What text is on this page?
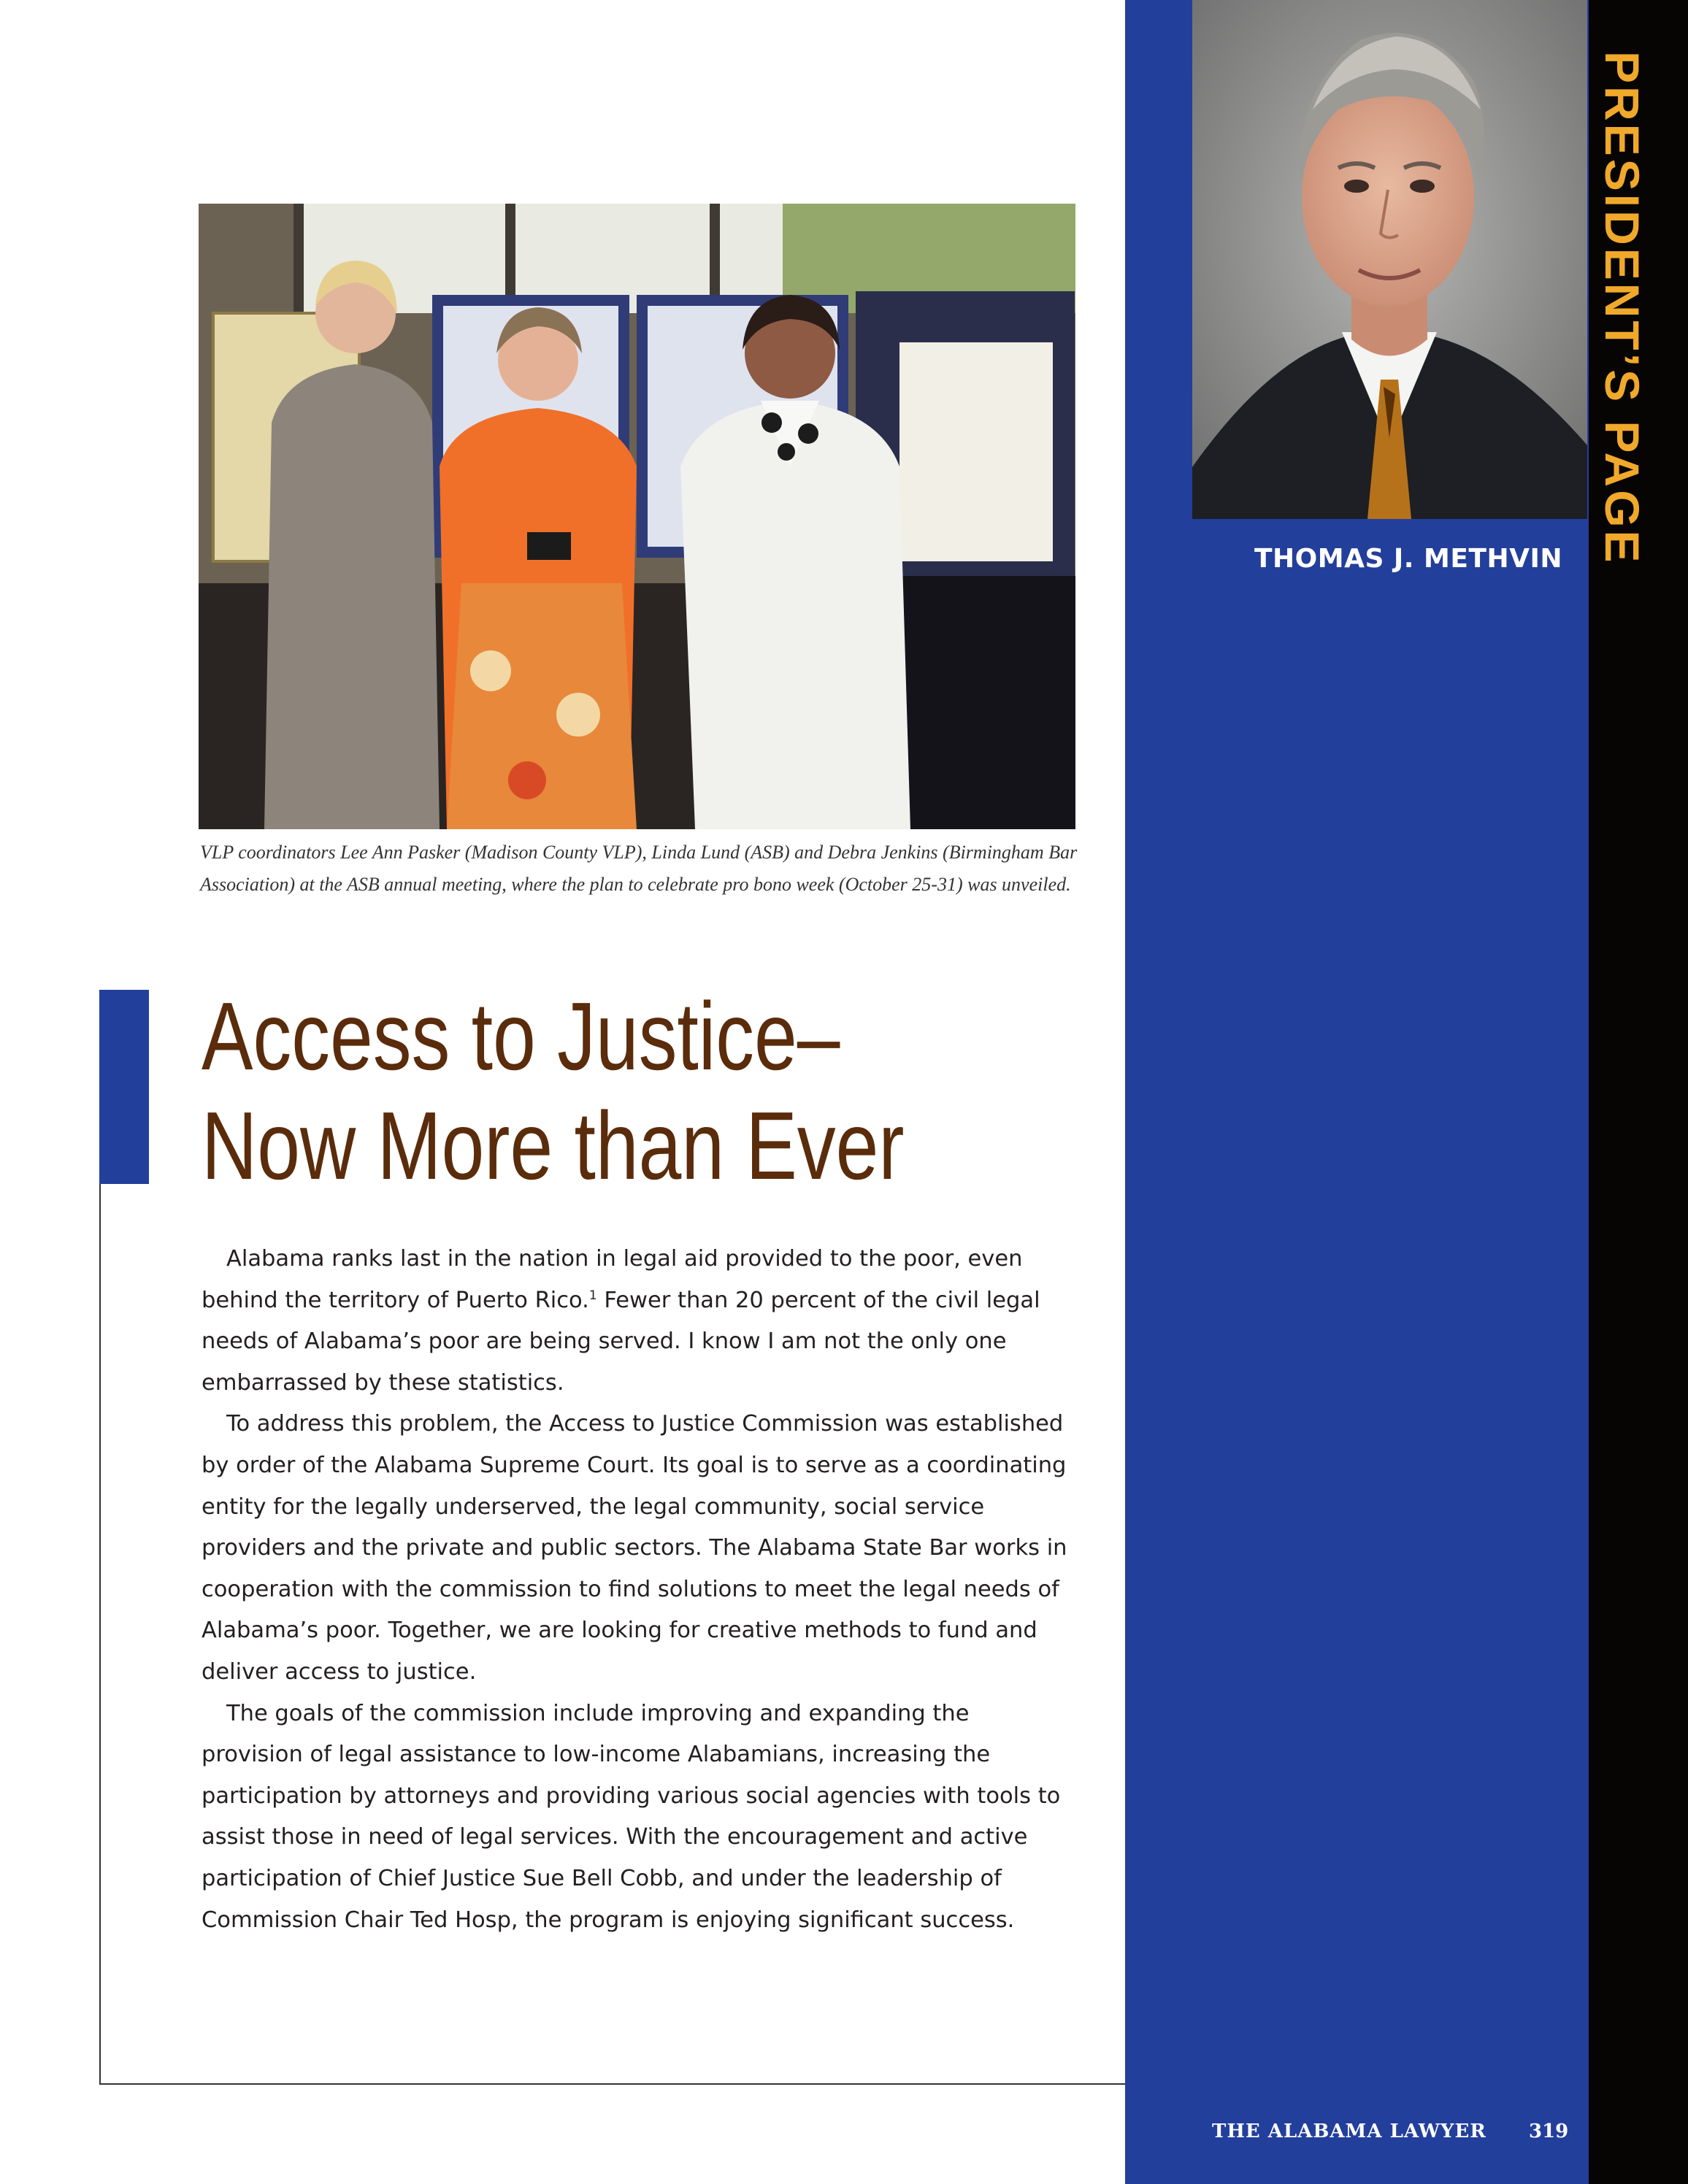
PRESIDENT’S PAGE
THOMAS J. METHVIN
VLP coordinators Lee Ann Pasker (Madison County VLP), Linda Lund (ASB) and Debra Jenkins (Birmingham Bar Association) at the ASB annual meeting, where the plan to celebrate pro bono week (October 25-31) was unveiled.
Access to Justice–
Now More than Ever

Alabama ranks last in the nation in legal aid provided to the poor, even behind the territory of Puerto Rico.$^1$ Fewer than 20 percent of the civil legal needs of Alabama’s poor are being served. I know I am not the only one embarrassed by these statistics.

To address this problem, the Access to Justice Commission was established by order of the Alabama Supreme Court. Its goal is to serve as a coordinating entity for the legally underserved, the legal community, social service providers and the private and public sectors. The Alabama State Bar works in cooperation with the commission to find solutions to meet the legal needs of Alabama’s poor. Together, we are looking for creative methods to fund and deliver access to justice.

The goals of the commission include improving and expanding the provision of legal assistance to low-income Alabamians, increasing the participation by attorneys and providing various social agencies with tools to assist those in need of legal services. With the encouragement and active participation of Chief Justice Sue Bell Cobb, and under the leadership of Commission Chair Ted Hosp, the program is enjoying significant success.

THE ALABAMA LAWYER 319
